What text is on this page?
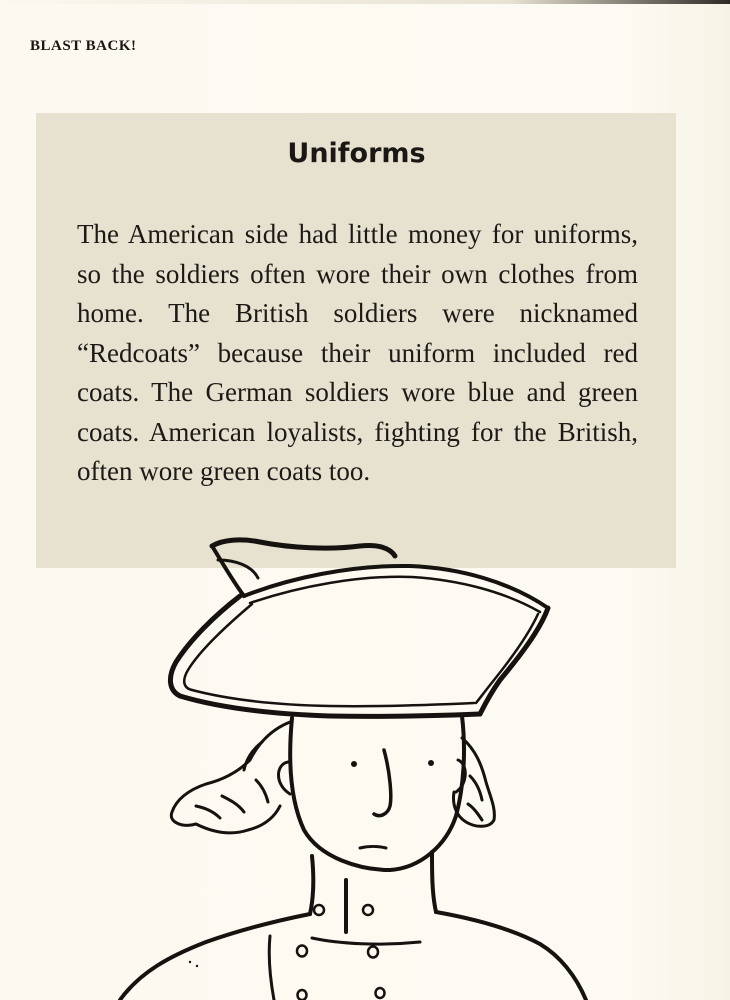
BLAST BACK!
Uniforms

The American side had little money for uniforms, so the soldiers often wore their own clothes from home. The British soldiers were nicknamed “Redcoats” because their uniform included red coats. The German soldiers wore blue and green coats. American loyalists, fighting for the British, often wore green coats too.
